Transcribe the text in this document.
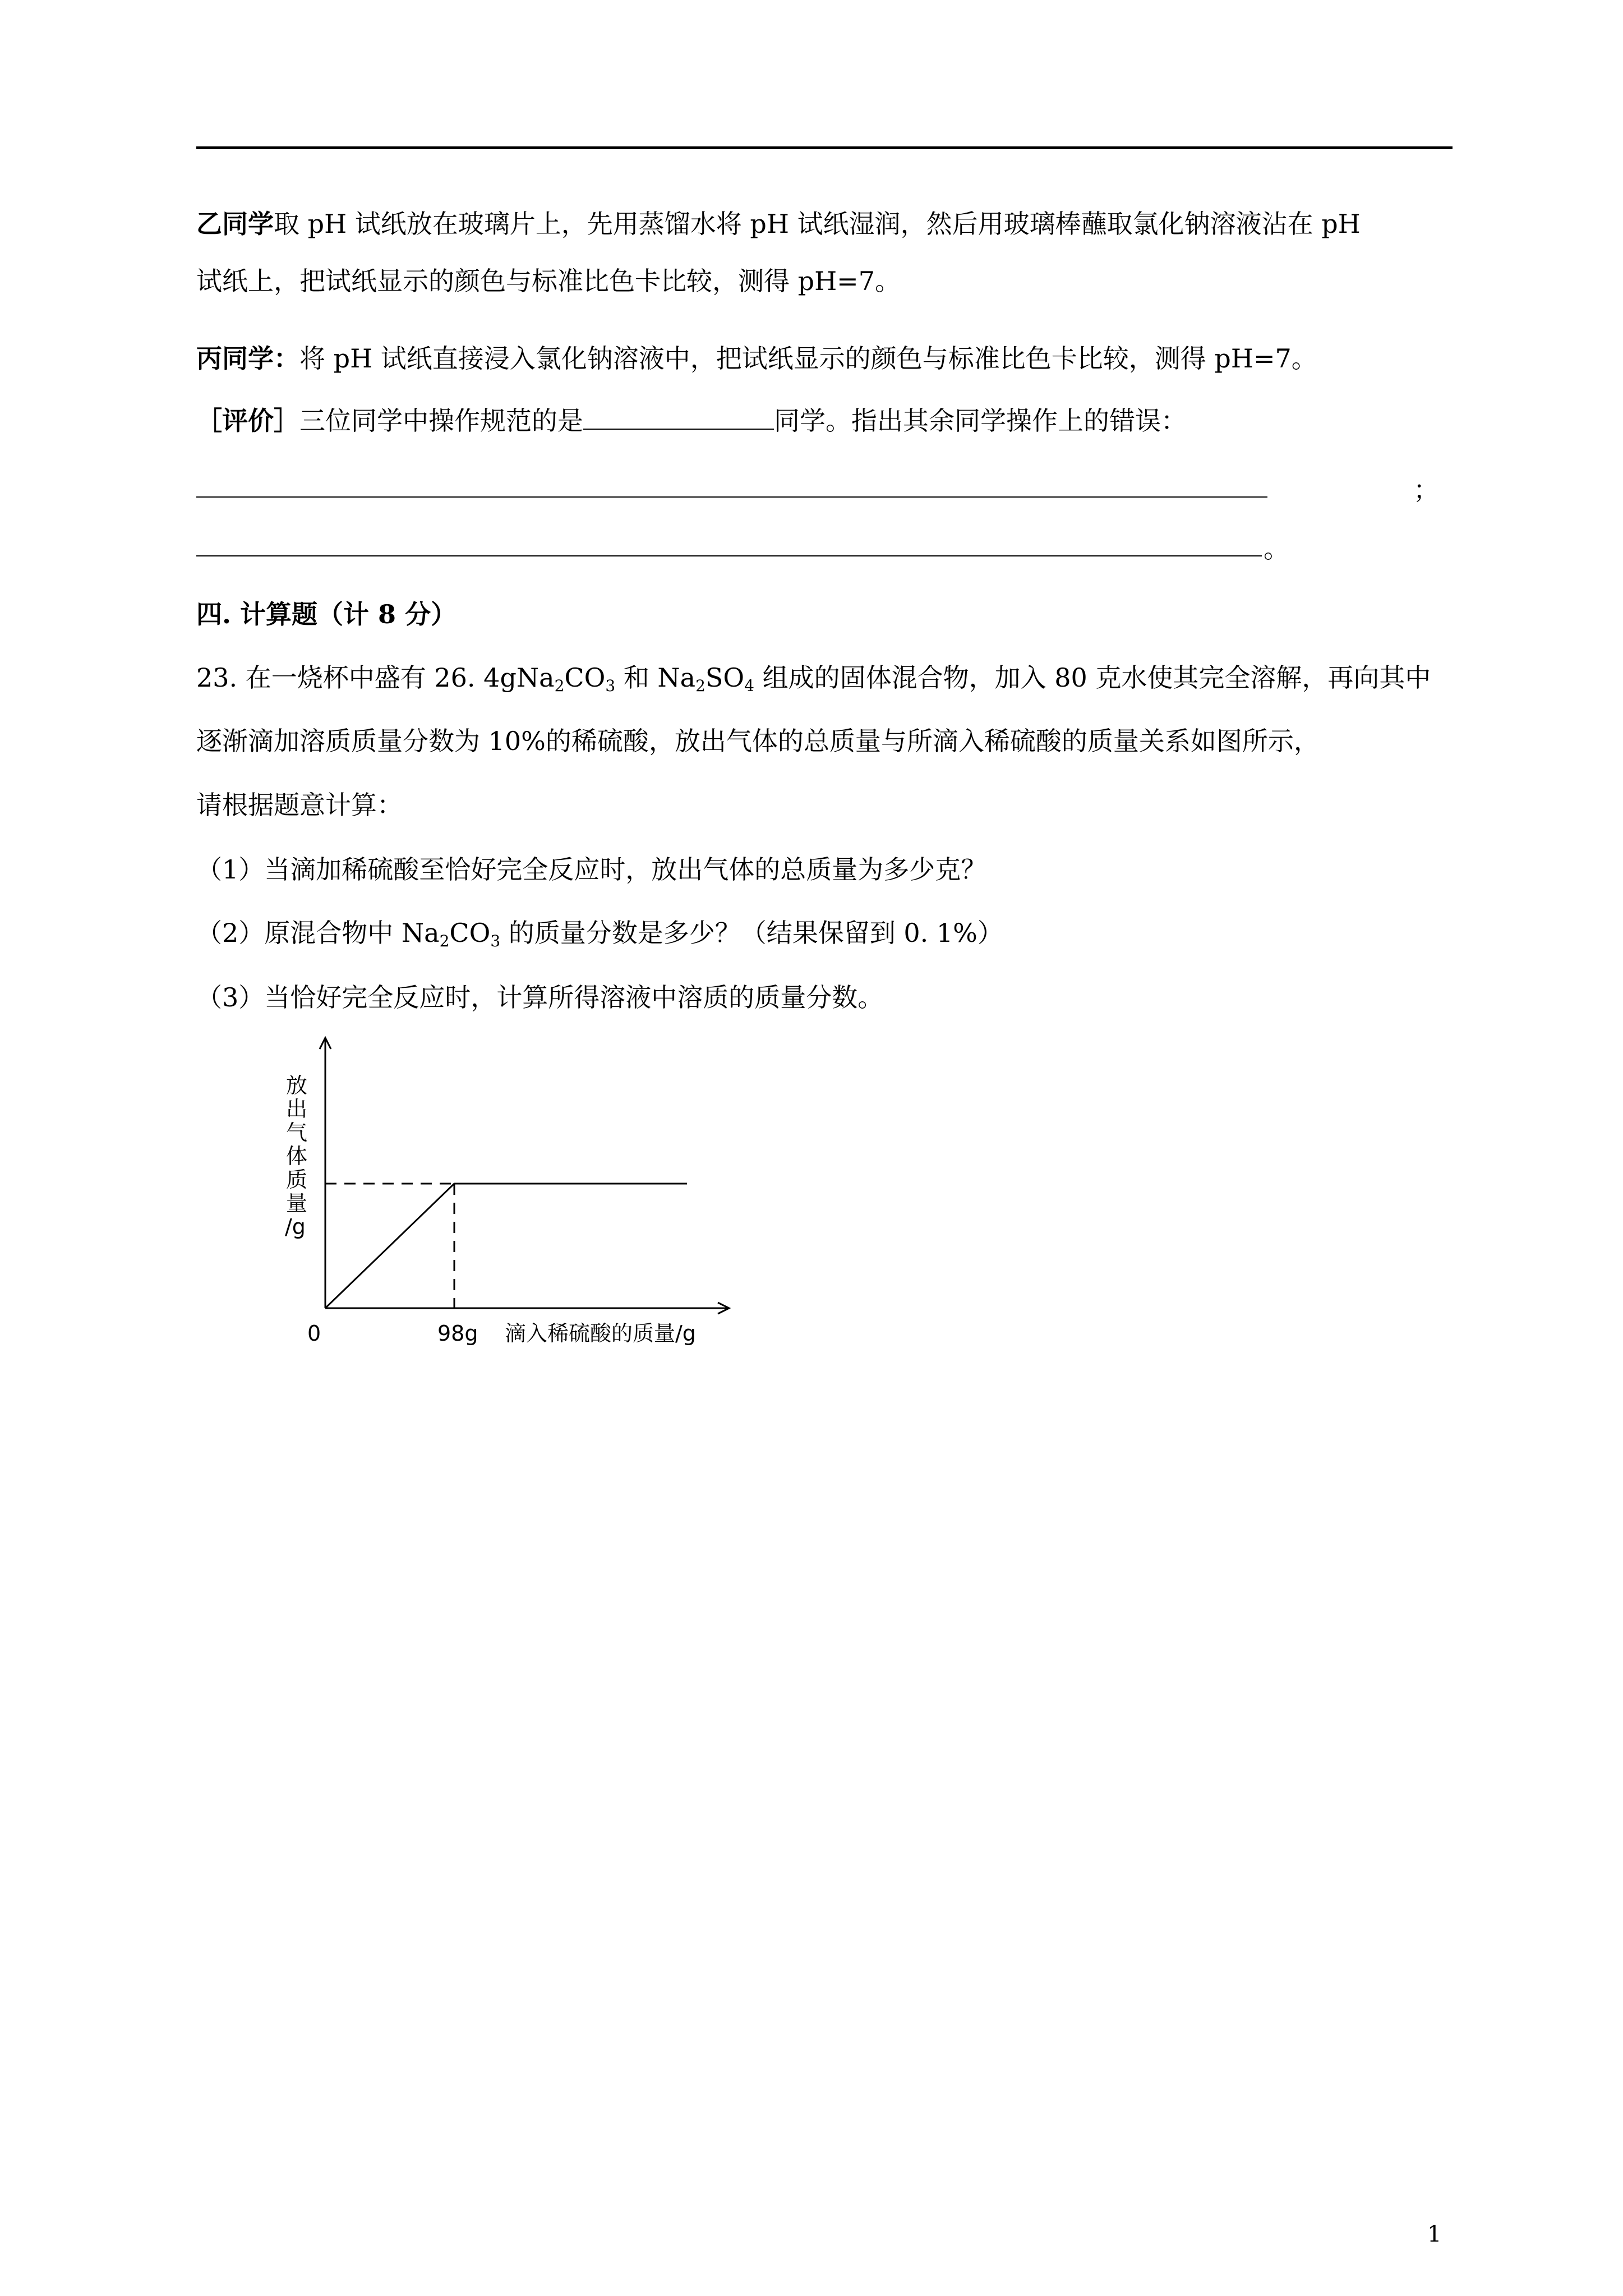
乙同学取 pH 试纸放在玻璃片上，先用蒸馏水将 pH 试纸湿润，然后用玻璃棒蘸取氯化钠溶液沾在 pH
试纸上，把试纸显示的颜色与标准比色卡比较，测得 pH=7。
丙同学：将 pH 试纸直接浸入氯化钠溶液中，把试纸显示的颜色与标准比色卡比较，测得 pH=7。
［评价］三位同学中操作规范的是	同学。指出其余同学操作上的错误：
；
。
四. 计算题（计 8 分）
23. 在一烧杯中盛有 26. $4gNa_2CO_3$ 和 $Na_2SO_4$ 组成的固体混合物，加入 80 克水使其完全溶解，再向其中
逐渐滴加溶质质量分数为 10%的稀硫酸，放出气体的总质量与所滴入稀硫酸的质量关系如图所示，
请根据题意计算：
（1）当滴加稀硫酸至恰好完全反应时，放出气体的总质量为多少克？
（2）原混合物中 $Na_2CO_3$ 的质量分数是多少？（结果保留到 0. 1%）
（3）当恰好完全反应时，计算所得溶液中溶质的质量分数。
放
出
气
体
质
量
/g
0	98g 滴入稀硫酸的质量/g
1
